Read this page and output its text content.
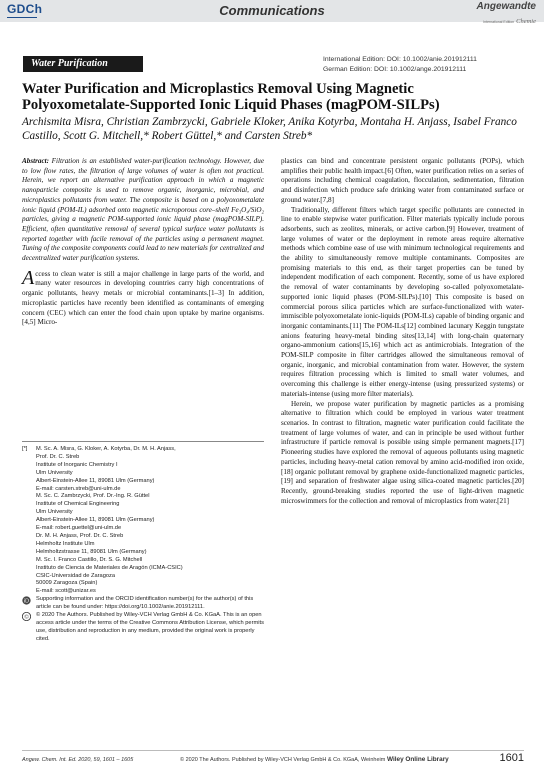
GDCh	Communications	Angewandte
International Edition Chemie
Water Purification	International Edition: DOI: 10.1002/anie.201912111
German Edition: DOI: 10.1002/ange.201912111
Water Purification and Microplastics Removal Using Magnetic Polyoxometalate-Supported Ionic Liquid Phases (magPOM-SILPs)
Archismita Misra, Christian Zambrzycki, Gabriele Kloker, Anika Kotyrba, Montaha H. Anjass, Isabel Franco Castillo, Scott G. Mitchell,* Robert Güttel,* and Carsten Streb*

Abstract: Filtration is an established water-purification technology. However, due to low flow rates, the filtration of large volumes of water is often not practical. Herein, we report an alternative purification approach in which a magnetic nanoparticle composite is used to remove organic, inorganic, microbial, and microplastics pollutants from water. The composite is based on a polyoxometalate ionic liquid (POM-IL) adsorbed onto magnetic microporous core–shell Fe₃O₄/SiO₂ particles, giving a magnetic POM-supported ionic liquid phase (magPOM-SILP). Efficient, often quantitative removal of several typical surface water pollutants is reported together with facile removal of the particles using a permanent magnet. Tuning of the composite components could lead to new materials for centralized and decentralized water purification systems.

Access to clean water is still a major challenge in large parts of the world, and many water resources in developing countries carry high concentrations of organic pollutants, heavy metals or microbial contaminants.[1–3] In addition, microplastic particles have recently been identified as contaminants of emerging concern (CEC) which can enter the food chain upon uptake by marine organisms.[4,5] Micro-

[*] M. Sc. A. Misra, G. Kloker, A. Kotyrba, Dr. M. H. Anjass,
Prof. Dr. C. Streb
Institute of Inorganic Chemistry I
Ulm University
Albert-Einstein-Allee 11, 89081 Ulm (Germany)
E-mail: carsten.streb@uni-ulm.de
M. Sc. C. Zambrzycki, Prof. Dr.-Ing. R. Güttel
Institute of Chemical Engineering
Ulm University
Albert-Einstein-Allee 11, 89081 Ulm (Germany)
E-mail: robert.guettel@uni-ulm.de
Dr. M. H. Anjass, Prof. Dr. C. Streb
Helmholtz Institute Ulm
Helmholtzstrasse 11, 89081 Ulm (Germany)
M. Sc. I. Franco Castillo, Dr. S. G. Mitchell
Instituto de Ciencia de Materiales de Aragón (ICMA-CSIC)
CSIC-Universidad de Zaragoza
50009 Zaragoza (Spain)
E-mail: scott@unizar.es
iD Supporting information and the ORCID identification number(s) for the author(s) of this article can be found under: https://doi.org/10.1002/anie.201912111.
© © 2020 The Authors. Published by Wiley-VCH Verlag GmbH & Co. KGaA. This is an open access article under the terms of the Creative Commons Attribution License, which permits use, distribution and reproduction in any medium, provided the original work is properly cited.

plastics can bind and concentrate persistent organic pollutants (POPs), which amplifies their public health impact.[6] Often, water purification relies on a series of operations including chemical coagulation, flocculation, sedimentation, filtration and disinfection which produce safe drinking water from contaminated surface or ground water.[7,8]

Traditionally, different filters which target specific pollutants are connected in line to enable stepwise water purification. Filter materials typically include porous adsorbents, such as zeolites, minerals, or active carbon.[9] However, treatment of large volumes of water or the deployment in remote areas require alternative methods which combine ease of use with minimum technological requirements and the ability to simultaneously remove multiple contaminants. Composites are promising materials to this end, as their target properties can be tuned by independent modification of each component. Recently, some of us have explored the removal of water contaminants by developing so-called polyoxometalate-supported ionic liquid phases (POM-SILPs).[10] This composite is based on commercial porous silica particles which are surface-functionalized with water-immiscible polyoxometalate ionic-liquids (POM-ILs) capable of binding organic and inorganic contaminants.[11] The POM-ILs[12] combined lacunary Keggin tungstate anions featuring heavy-metal binding sites[13,14] with long-chain quaternary organo-ammonium cations[15,16] which act as antimicrobials. Integration of the POM-SILP composite in filter cartridges allowed the simultaneous removal of organic, inorganic, and microbial contamination from water. However, the system requires filtration processing which is limited to small water volumes, and overcoming this challenge is either energy-intense (using pressurized systems) or materials-intense (using more filter materials).

Herein, we propose water purification by magnetic particles as a promising alternative to filtration which could be employed in various water treatment scenarios. In contrast to filtration, magnetic water purification could facilitate the treatment of large volumes of water, and can in principle be used without further infrastructure if particle removal is possible using simple permanent magnets.[17] Pioneering studies have explored the removal of aqueous pollutants using magnetic particles, including heavy-metal cation removal by amino acid-modified iron oxide,[18] organic pollutant removal by graphene oxide-functionalized magnetic particles,[19] and separation of freshwater algae using silica-coated magnetic particles.[20] Recently, ground-breaking studies reported the use of light-driven magnetic microswimmers for the collection and removal of microplastics from water.[21]

Angew. Chem. Int. Ed. 2020, 59, 1601 – 1605	© 2020 The Authors. Published by Wiley-VCH Verlag GmbH & Co. KGaA, Weinheim Wiley Online Library	1601
